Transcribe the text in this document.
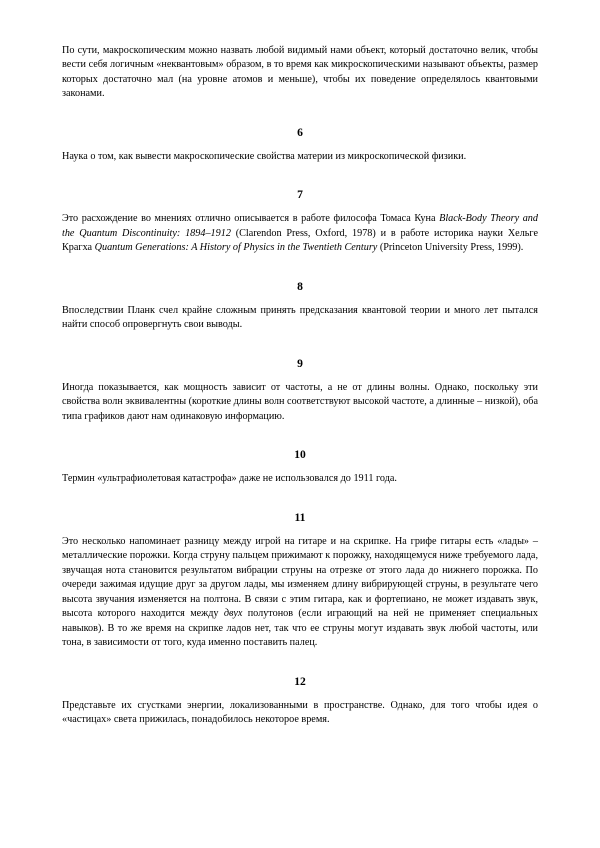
По сути, макроскопическим можно назвать любой видимый нами объект, который достаточно велик, чтобы вести себя логичным «неквантовым» образом, в то время как микроскопическими называют объекты, размер которых достаточно мал (на уровне атомов и меньше), чтобы их поведение определялось квантовыми законами.

6

Наука о том, как вывести макроскопические свойства материи из микроскопической физики.

7

Это расхождение во мнениях отлично описывается в работе философа Томаса Куна Black-Body Theory and the Quantum Discontinuity: 1894–1912 (Clarendon Press, Oxford, 1978) и в работе историка науки Хельге Крагха Quantum Generations: A History of Physics in the Twentieth Century (Princeton University Press, 1999).

8

Впоследствии Планк счел крайне сложным принять предсказания квантовой теории и много лет пытался найти способ опровергнуть свои выводы.

9

Иногда показывается, как мощность зависит от частоты, а не от длины волны. Однако, поскольку эти свойства волн эквивалентны (короткие длины волн соответствуют высокой частоте, а длинные – низкой), оба типа графиков дают нам одинаковую информацию.

10

Термин «ультрафиолетовая катастрофа» даже не использовался до 1911 года.

11

Это несколько напоминает разницу между игрой на гитаре и на скрипке. На грифе гитары есть «лады» – металлические порожки. Когда струну пальцем прижимают к порожку, находящемуся ниже требуемого лада, звучащая нота становится результатом вибрации струны на отрезке от этого лада до нижнего порожка. По очереди зажимая идущие друг за другом лады, мы изменяем длину вибрирующей струны, в результате чего высота звучания изменяется на полтона. В связи с этим гитара, как и фортепиано, не может издавать звук, высота которого находится между двух полутонов (если играющий на ней не применяет специальных навыков). В то же время на скрипке ладов нет, так что ее струны могут издавать звук любой частоты, или тона, в зависимости от того, куда именно поставить палец.

12

Представьте их сгустками энергии, локализованными в пространстве. Однако, для того чтобы идея о «частицах» света прижилась, понадобилось некоторое время.
